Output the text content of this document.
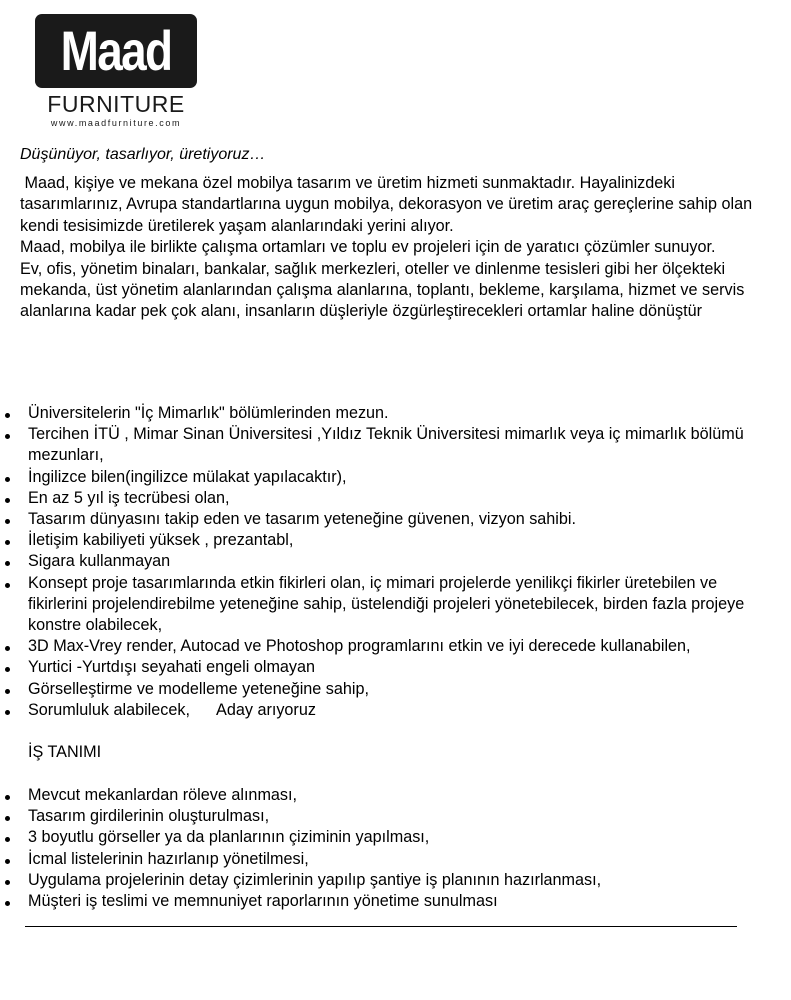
Maad
FURNITURE
www.maadfurniture.com

Düşünüyor, tasarlıyor, üretiyoruz…

Maad, kişiye ve mekana özel mobilya tasarım ve üretim hizmeti sunmaktadır. Hayalinizdeki tasarımlarınız, Avrupa standartlarına uygun mobilya, dekorasyon ve üretim araç gereçlerine sahip olan kendi tesisimizde üretilerek yaşam alanlarındaki yerini alıyor.

Maad, mobilya ile birlikte çalışma ortamları ve toplu ev projeleri için de yaratıcı çözümler sunuyor.

Ev, ofis, yönetim binaları, bankalar, sağlık merkezleri, oteller ve dinlenme tesisleri gibi her ölçekteki mekanda, üst yönetim alanlarından çalışma alanlarına, toplantı, bekleme, karşılama, hizmet ve servis alanlarına kadar pek çok alanı, insanların düşleriyle özgürleştirecekleri ortamlar haline dönüştür

Üniversitelerin "İç Mimarlık" bölümlerinden mezun.
Tercihen İTÜ , Mimar Sinan Üniversitesi ,Yıldız Teknik Üniversitesi mimarlık veya iç mimarlık bölümü mezunları,
İngilizce bilen(ingilizce mülakat yapılacaktır),
En az 5 yıl iş tecrübesi olan,
Tasarım dünyasını takip eden ve tasarım yeteneğine güvenen, vizyon sahibi.
İletişim kabiliyeti yüksek , prezantabl,
Sigara kullanmayan
Konsept proje tasarımlarında etkin fikirleri olan, iç mimari projelerde yenilikçi fikirler üretebilen ve fikirlerini projelendirebilme yeteneğine sahip, üstelendiği projeleri yönetebilecek, birden fazla projeye konstre olabilecek,
3D Max-Vrey render, Autocad ve Photoshop programlarını etkin ve iyi derecede kullanabilen,
Yurtici -Yurtdışı seyahati engeli olmayan
Görselleştirme ve modelleme yeteneğine sahip,
Sorumluluk alabilecek,      Aday arıyoruz

İŞ TANIMI

Mevcut mekanlardan röleve alınması,
Tasarım girdilerinin oluşturulması,
3 boyutlu görseller ya da planlarının çiziminin yapılması,
İcmal listelerinin hazırlanıp yönetilmesi,
Uygulama projelerinin detay çizimlerinin yapılıp şantiye iş planının hazırlanması,
Müşteri iş teslimi ve memnuniyet raporlarının yönetime sunulması
